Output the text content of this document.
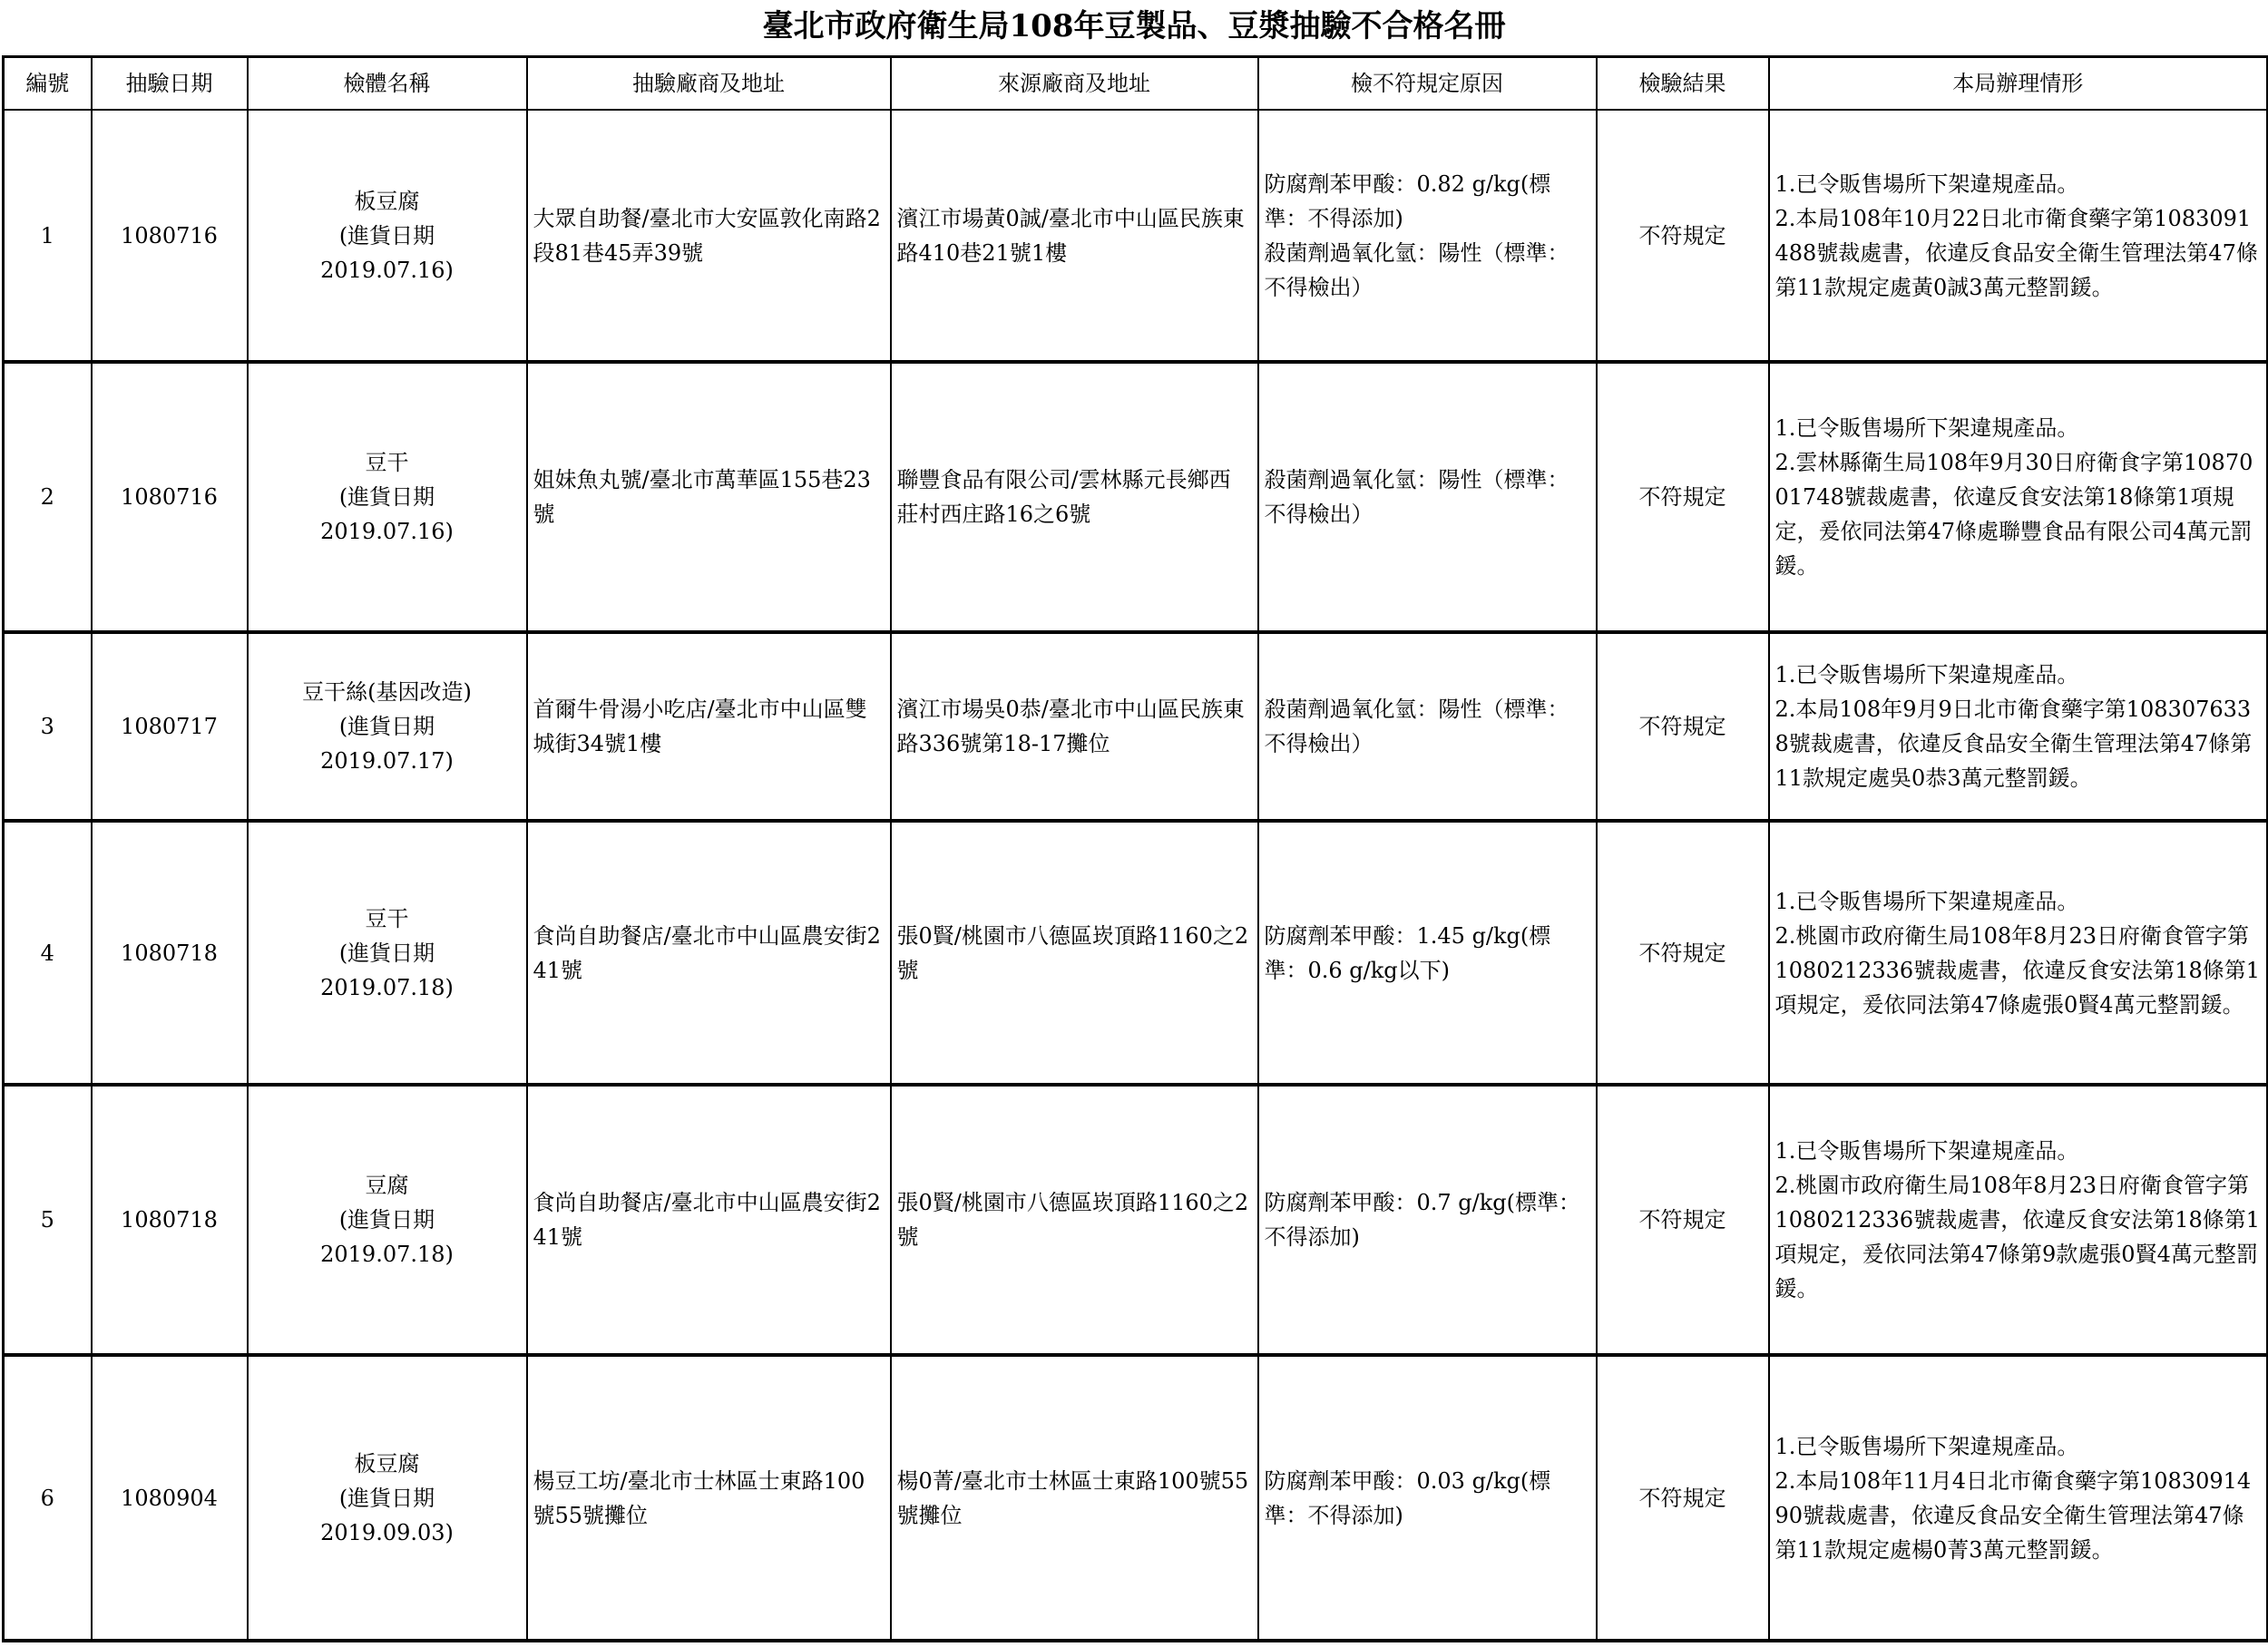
臺北市政府衛生局108年豆製品、豆漿抽驗不合格名冊
編號	抽驗日期	檢體名稱	抽驗廠商及地址	來源廠商及地址	檢不符規定原因	檢驗結果	本局辦理情形
1	1080716	板豆腐
(進貨日期
2019.07.16)	大眾自助餐/臺北市大安區敦化南路2段81巷45弄39號	濱江市場黃0誠/臺北市中山區民族東路410巷21號1樓	防腐劑苯甲酸：0.82 g/kg(標準：不得添加)
殺菌劑過氧化氫：陽性（標準：不得檢出）	不符規定	1.已令販售場所下架違規產品。
2.本局108年10月22日北市衛食藥字第1083091488號裁處書，依違反食品安全衛生管理法第47條第11款規定處黃0誠3萬元整罰鍰。
2	1080716	豆干
(進貨日期
2019.07.16)	姐妹魚丸號/臺北市萬華區155巷23號	聯豐食品有限公司/雲林縣元長鄉西莊村西庄路16之6號	殺菌劑過氧化氫：陽性（標準：不得檢出）	不符規定	1.已令販售場所下架違規產品。
2.雲林縣衛生局108年9月30日府衛食字第1087001748號裁處書，依違反食安法第18條第1項規定，爰依同法第47條處聯豐食品有限公司4萬元罰鍰。
3	1080717	豆干絲(基因改造)
(進貨日期
2019.07.17)	首爾牛骨湯小吃店/臺北市中山區雙城街34號1樓	濱江市場吳0恭/臺北市中山區民族東路336號第18-17攤位	殺菌劑過氧化氫：陽性（標準：不得檢出）	不符規定	1.已令販售場所下架違規產品。
2.本局108年9月9日北市衛食藥字第1083076338號裁處書，依違反食品安全衛生管理法第47條第11款規定處吳0恭3萬元整罰鍰。
4	1080718	豆干
(進貨日期
2019.07.18)	食尚自助餐店/臺北市中山區農安街241號	張0賢/桃園市八德區崁頂路1160之2號	防腐劑苯甲酸：1.45 g/kg(標準：0.6 g/kg以下)	不符規定	1.已令販售場所下架違規產品。
2.桃園市政府衛生局108年8月23日府衛食管字第1080212336號裁處書，依違反食安法第18條第1項規定，爰依同法第47條處張0賢4萬元整罰鍰。
5	1080718	豆腐
(進貨日期
2019.07.18)	食尚自助餐店/臺北市中山區農安街241號	張0賢/桃園市八德區崁頂路1160之2號	防腐劑苯甲酸：0.7 g/kg(標準：不得添加)	不符規定	1.已令販售場所下架違規產品。
2.桃園市政府衛生局108年8月23日府衛食管字第1080212336號裁處書，依違反食安法第18條第1項規定，爰依同法第47條第9款處張0賢4萬元整罰鍰。
6	1080904	板豆腐
(進貨日期
2019.09.03)	楊豆工坊/臺北市士林區士東路100號55號攤位	楊0菁/臺北市士林區士東路100號55號攤位	防腐劑苯甲酸：0.03 g/kg(標準：不得添加)	不符規定	1.已令販售場所下架違規產品。
2.本局108年11月4日北市衛食藥字第1083091490號裁處書，依違反食品安全衛生管理法第47條第11款規定處楊0菁3萬元整罰鍰。
